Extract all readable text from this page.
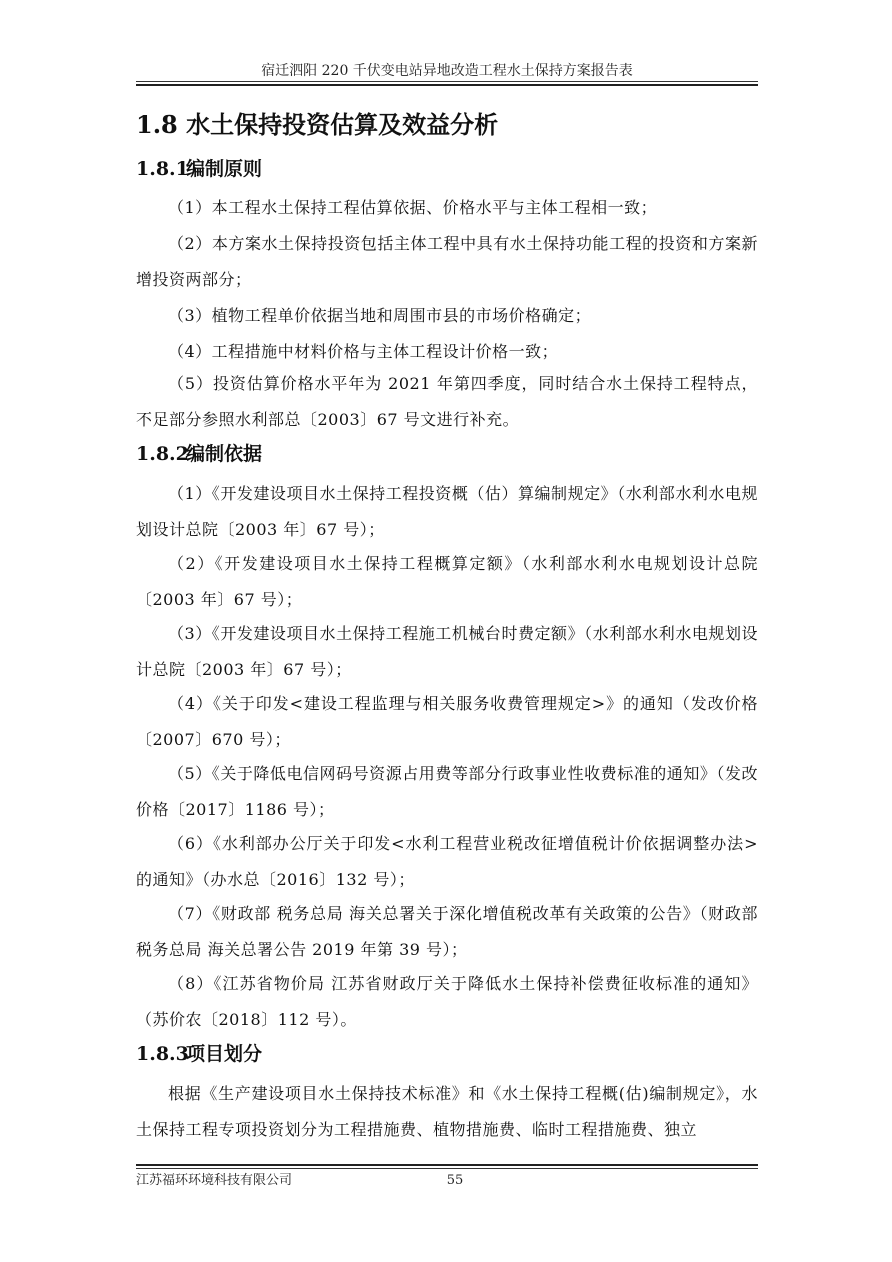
宿迁泗阳 220 千伏变电站异地改造工程水土保持方案报告表
1.8 水土保持投资估算及效益分析
1.8.1编制原则

（1）本工程水土保持工程估算依据、价格水平与主体工程相一致；

（2）本方案水土保持投资包括主体工程中具有水土保持功能工程的投资和方案新增投资两部分；

（3）植物工程单价依据当地和周围市县的市场价格确定；

（4）工程措施中材料价格与主体工程设计价格一致；

（5）投资估算价格水平年为 2021 年第四季度，同时结合水土保持工程特点，不足部分参照水利部总〔2003〕67 号文进行补充。

1.8.2编制依据

（1）《开发建设项目水土保持工程投资概（估）算编制规定》（水利部水利水电规划设计总院〔2003 年〕67 号）；

（2）《开发建设项目水土保持工程概算定额》（水利部水利水电规划设计总院〔2003 年〕67 号）；

（3）《开发建设项目水土保持工程施工机械台时费定额》（水利部水利水电规划设计总院〔2003 年〕67 号）；

（4）《关于印发<建设工程监理与相关服务收费管理规定>》的通知（发改价格〔2007〕670 号）；

（5）《关于降低电信网码号资源占用费等部分行政事业性收费标准的通知》（发改价格〔2017〕1186 号）；

（6）《水利部办公厅关于印发<水利工程营业税改征增值税计价依据调整办法>的通知》（办水总〔2016〕132 号）；

（7）《财政部 税务总局 海关总署关于深化增值税改革有关政策的公告》（财政部 税务总局 海关总署公告 2019 年第 39 号）；

（8）《江苏省物价局 江苏省财政厅关于降低水土保持补偿费征收标准的通知》（苏价农〔2018〕112 号）。

1.8.3项目划分

根据《生产建设项目水土保持技术标准》和《水土保持工程概(估)编制规定》，水土保持工程专项投资划分为工程措施费、植物措施费、临时工程措施费、独立

江苏福环环境科技有限公司	55
